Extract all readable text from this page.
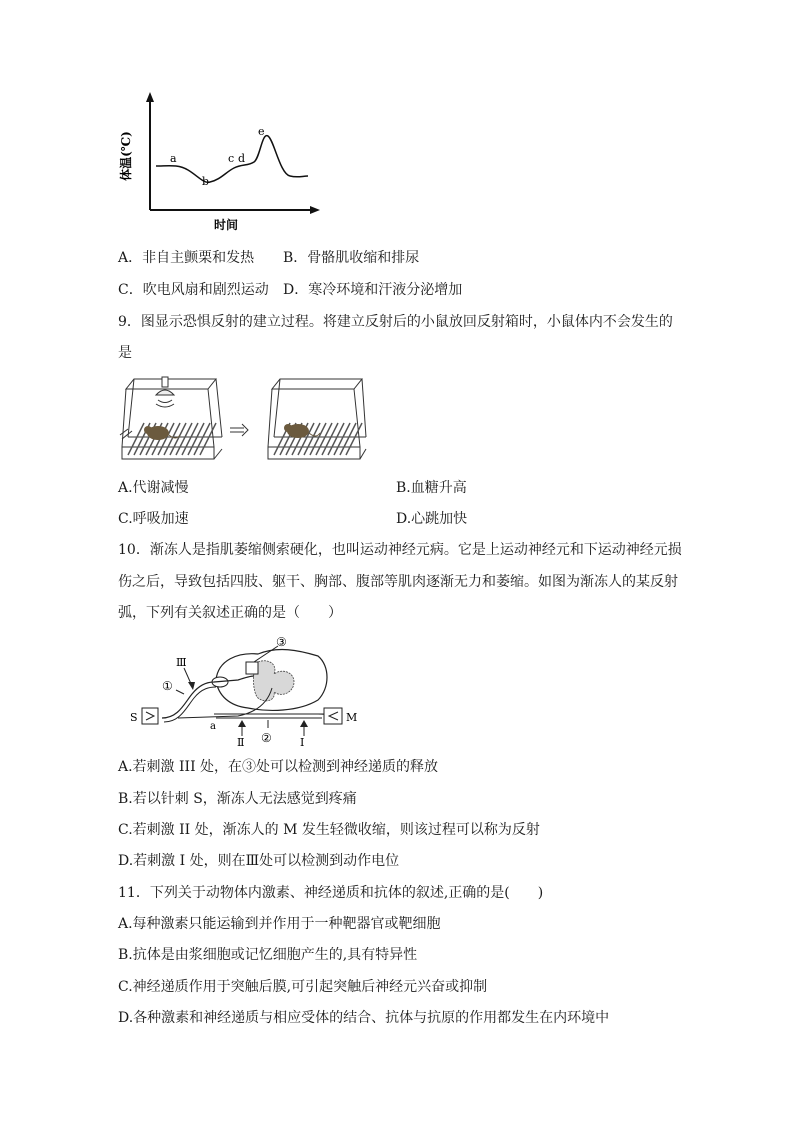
a
b
c d
e
体温(℃)
时间
A．非自主颤栗和发热 B．骨骼肌收缩和排尿
C．吹电风扇和剧烈运动 D．寒冷环境和汗液分泌增加
9．图显示恐惧反射的建立过程。将建立反射后的小鼠放回反射箱时，小鼠体内不会发生的
是
A.代谢减慢	B.血糖升高
C.呼吸加速	D.心跳加快
10．渐冻人是指肌萎缩侧索硬化，也叫运动神经元病。它是上运动神经元和下运动神经元损
伤之后，导致包括四肢、躯干、胸部、腹部等肌肉逐渐无力和萎缩。如图为渐冻人的某反射
弧，下列有关叙述正确的是（　　）
Ⅲ
①
③
S	M
a
Ⅱ ②	Ⅰ
A.若刺激 III 处，在③处可以检测到神经递质的释放
B.若以针刺 S，渐冻人无法感觉到疼痛
C.若刺激 II 处，渐冻人的 M 发生轻微收缩，则该过程可以称为反射
D.若刺激 I 处，则在Ⅲ处可以检测到动作电位
11．下列关于动物体内激素、神经递质和抗体的叙述,正确的是(　　)
A.每种激素只能运输到并作用于一种靶器官或靶细胞
B.抗体是由浆细胞或记忆细胞产生的,具有特异性
C.神经递质作用于突触后膜,可引起突触后神经元兴奋或抑制
D.各种激素和神经递质与相应受体的结合、抗体与抗原的作用都发生在内环境中
